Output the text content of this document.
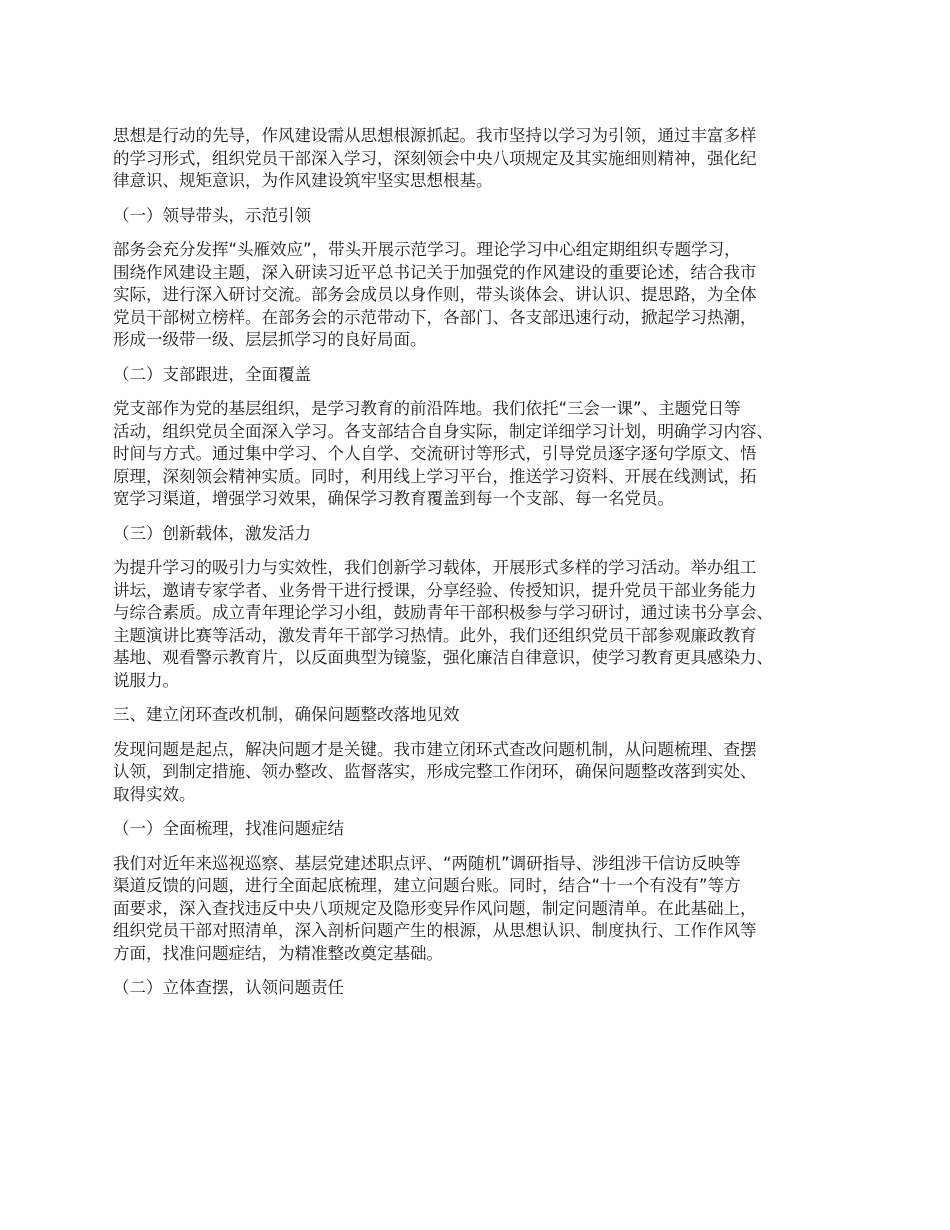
思想是行动的先导，作风建设需从思想根源抓起。我市坚持以学习为引领，通过丰富多样
的学习形式，组织党员干部深入学习，深刻领会中央八项规定及其实施细则精神，强化纪
律意识、规矩意识，为作风建设筑牢坚实思想根基。
（一）领导带头，示范引领
部务会充分发挥“头雁效应”，带头开展示范学习。理论学习中心组定期组织专题学习，
围绕作风建设主题，深入研读习近平总书记关于加强党的作风建设的重要论述，结合我市
实际，进行深入研讨交流。部务会成员以身作则，带头谈体会、讲认识、提思路，为全体
党员干部树立榜样。在部务会的示范带动下，各部门、各支部迅速行动，掀起学习热潮，
形成一级带一级、层层抓学习的良好局面。
（二）支部跟进，全面覆盖
党支部作为党的基层组织，是学习教育的前沿阵地。我们依托“三会一课”、主题党日等
活动，组织党员全面深入学习。各支部结合自身实际，制定详细学习计划，明确学习内容、
时间与方式。通过集中学习、个人自学、交流研讨等形式，引导党员逐字逐句学原文、悟
原理，深刻领会精神实质。同时，利用线上学习平台，推送学习资料、开展在线测试，拓
宽学习渠道，增强学习效果，确保学习教育覆盖到每一个支部、每一名党员。
（三）创新载体，激发活力
为提升学习的吸引力与实效性，我们创新学习载体，开展形式多样的学习活动。举办组工
讲坛，邀请专家学者、业务骨干进行授课，分享经验、传授知识，提升党员干部业务能力
与综合素质。成立青年理论学习小组，鼓励青年干部积极参与学习研讨，通过读书分享会、
主题演讲比赛等活动，激发青年干部学习热情。此外，我们还组织党员干部参观廉政教育
基地、观看警示教育片，以反面典型为镜鉴，强化廉洁自律意识，使学习教育更具感染力、
说服力。
三、建立闭环查改机制，确保问题整改落地见效
发现问题是起点，解决问题才是关键。我市建立闭环式查改问题机制，从问题梳理、查摆
认领，到制定措施、领办整改、监督落实，形成完整工作闭环，确保问题整改落到实处、
取得实效。
（一）全面梳理，找准问题症结
我们对近年来巡视巡察、基层党建述职点评、“两随机”调研指导、涉组涉干信访反映等
渠道反馈的问题，进行全面起底梳理，建立问题台账。同时，结合“十一个有没有”等方
面要求，深入查找违反中央八项规定及隐形变异作风问题，制定问题清单。在此基础上，
组织党员干部对照清单，深入剖析问题产生的根源，从思想认识、制度执行、工作作风等
方面，找准问题症结，为精准整改奠定基础。
（二）立体查摆，认领问题责任
